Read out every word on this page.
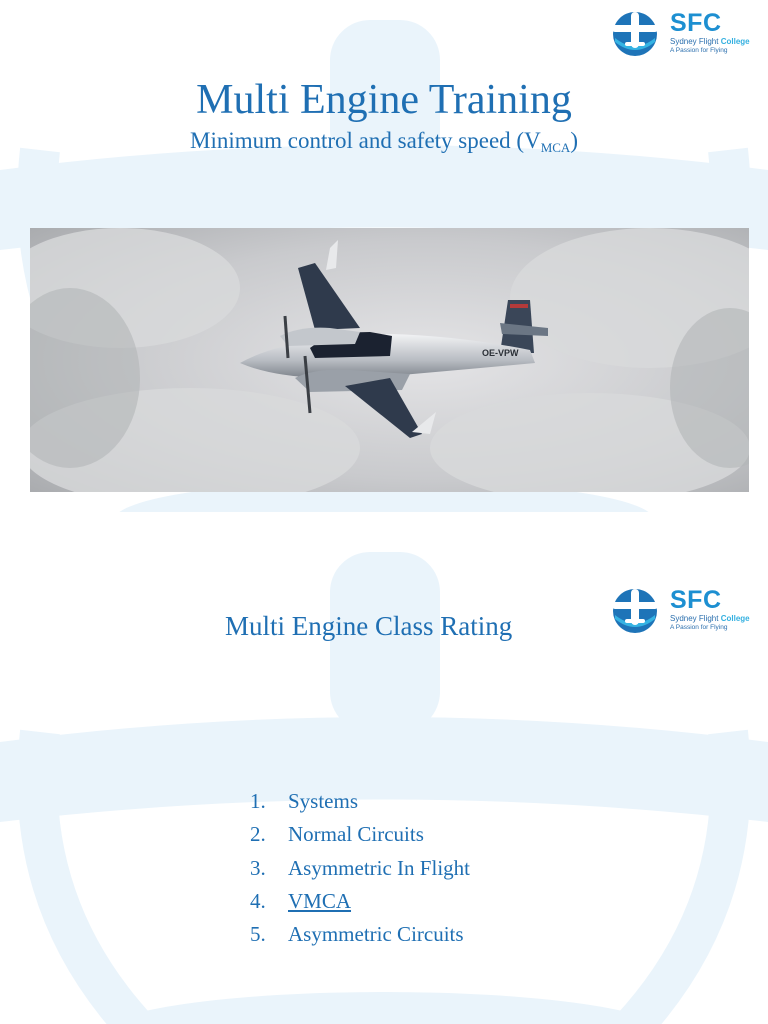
SFC
Sydney Flight College
A Passion for Flying
Multi Engine Training
Minimum control and safety speed $(V_{MCA})$
OE-VPW
SFC
Sydney Flight College
A Passion for Flying
Multi Engine Class Rating
1.	Systems
2.	Normal Circuits
3.	Asymmetric In Flight
4.	VMCA
5.	Asymmetric Circuits
